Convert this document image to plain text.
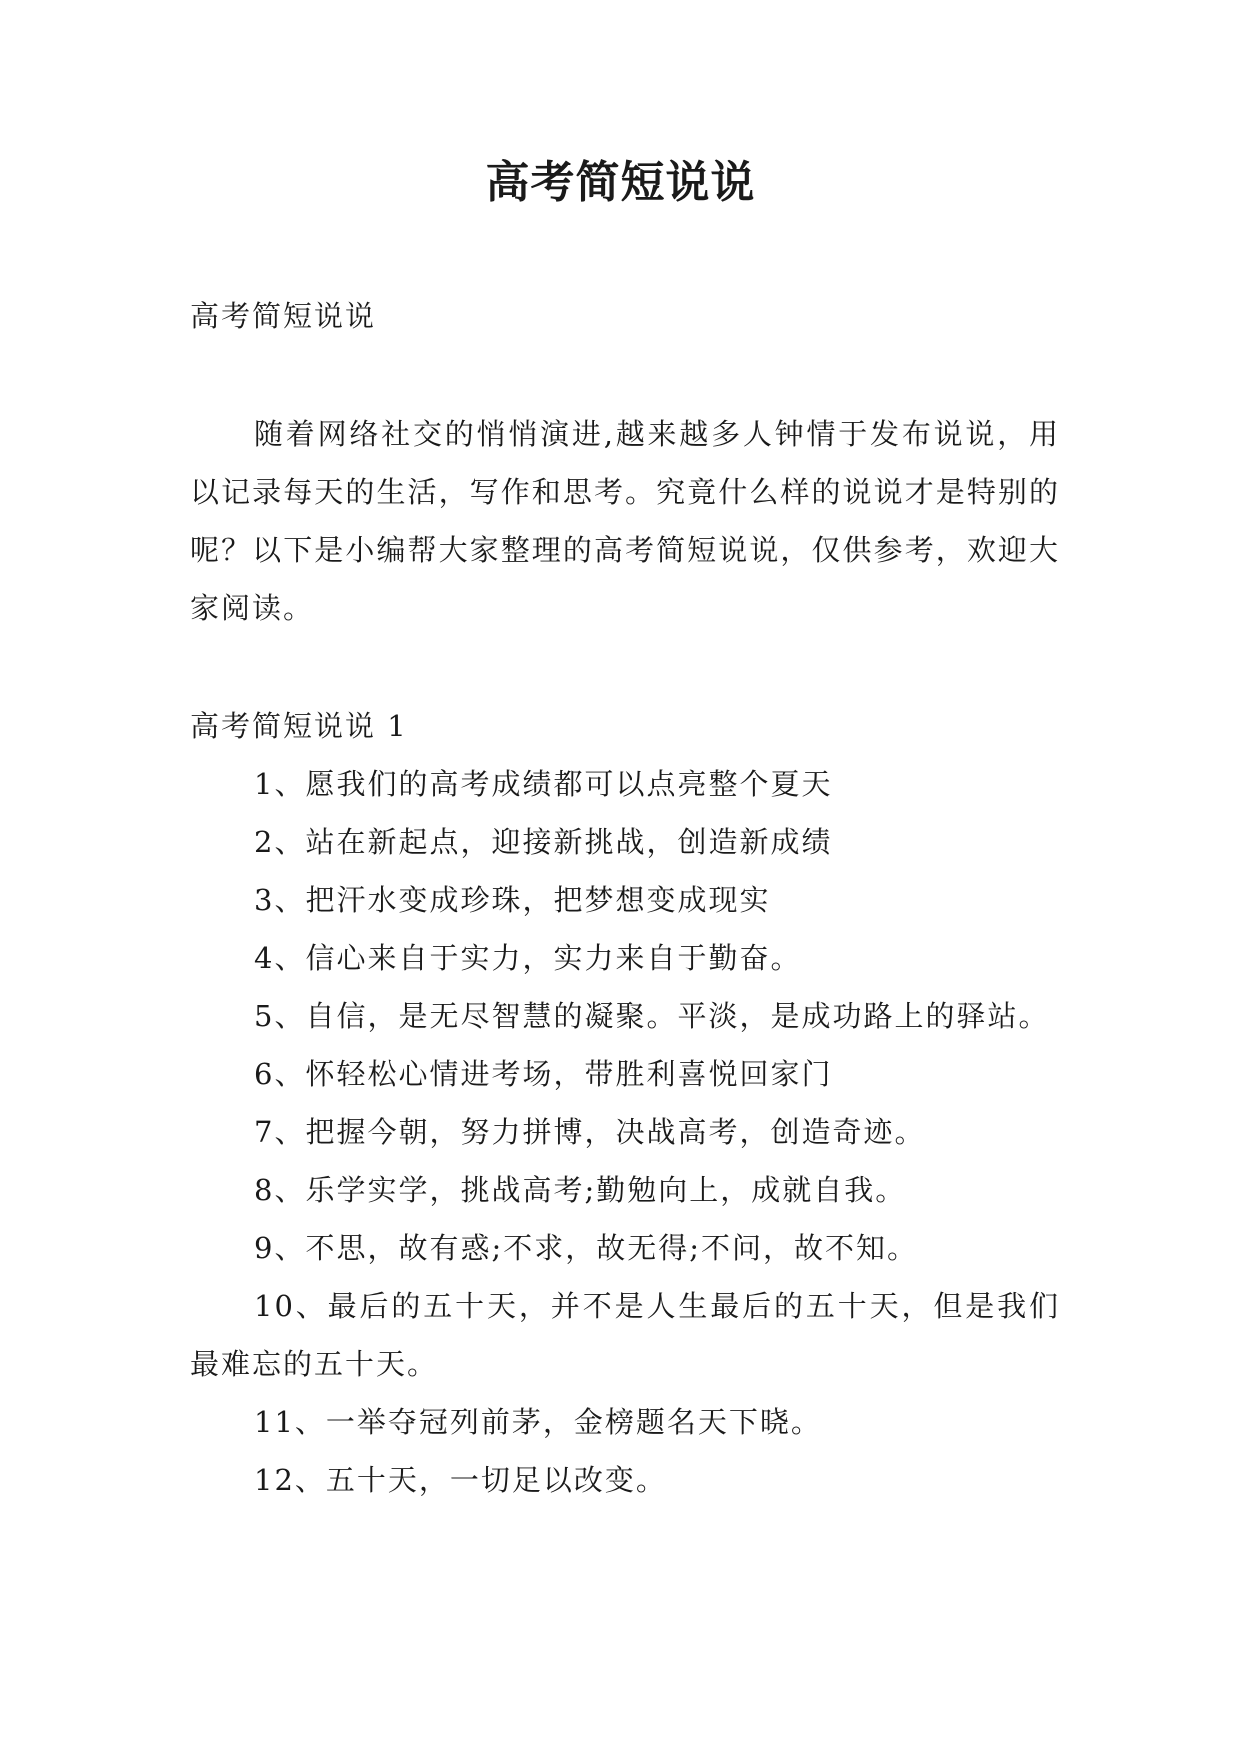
高考简短说说

高考简短说说

随着网络社交的悄悄演进,越来越多人钟情于发布说说，用以记录每天的生活，写作和思考。究竟什么样的说说才是特别的呢？以下是小编帮大家整理的高考简短说说，仅供参考，欢迎大家阅读。

高考简短说说 1

1、愿我们的高考成绩都可以点亮整个夏天
2、站在新起点，迎接新挑战，创造新成绩
3、把汗水变成珍珠，把梦想变成现实
4、信心来自于实力，实力来自于勤奋。
5、自信，是无尽智慧的凝聚。平淡，是成功路上的驿站。
6、怀轻松心情进考场，带胜利喜悦回家门
7、把握今朝，努力拼博，决战高考，创造奇迹。
8、乐学实学，挑战高考;勤勉向上，成就自我。
9、不思，故有惑;不求，故无得;不问，故不知。
10、最后的五十天，并不是人生最后的五十天，但是我们最难忘的五十天。
11、一举夺冠列前茅，金榜题名天下晓。
12、五十天，一切足以改变。
